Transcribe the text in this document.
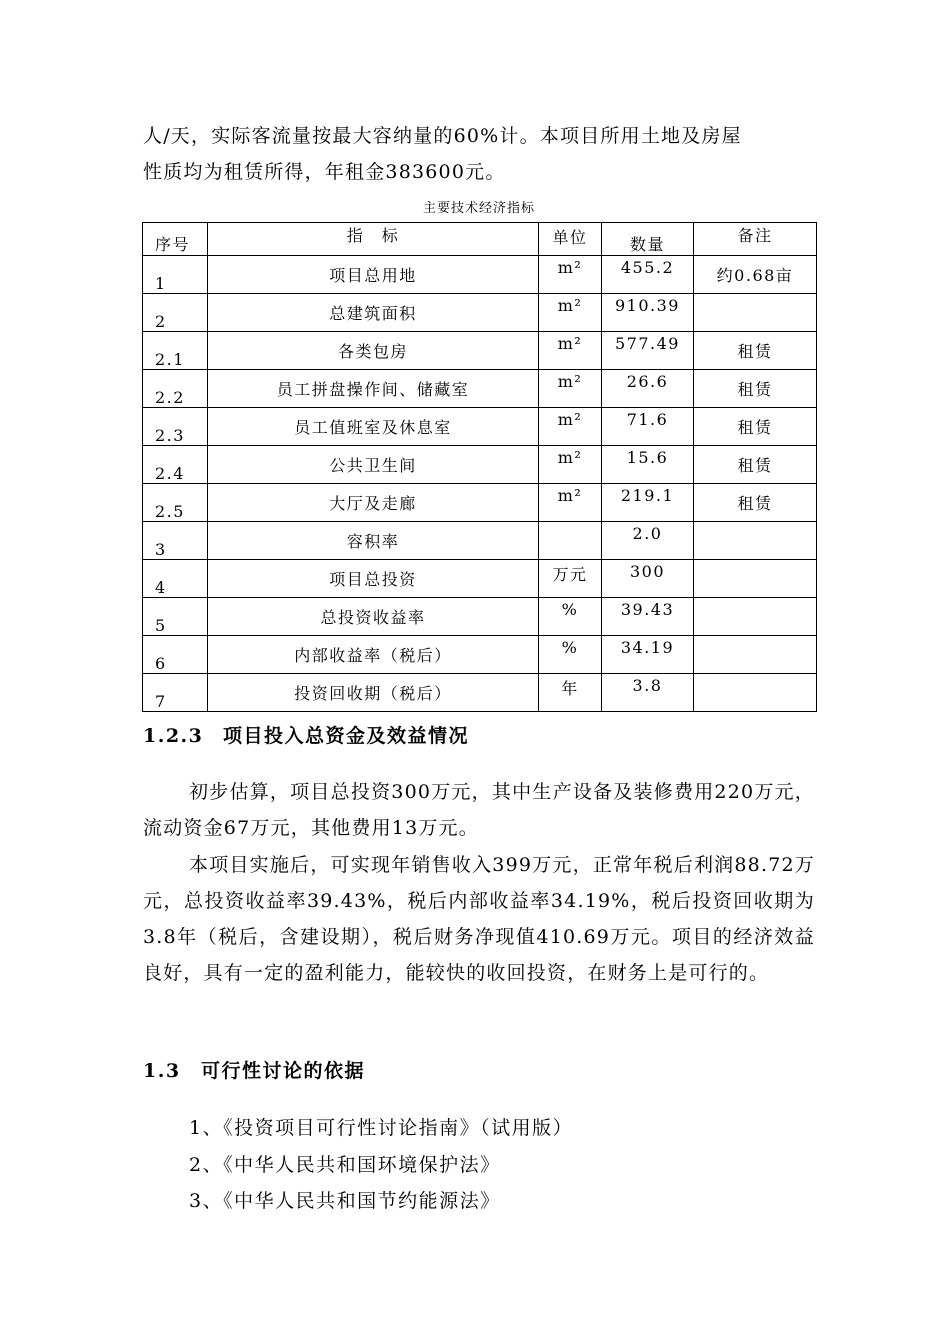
人/天，实际客流量按最大容纳量的60%计。本项目所用土地及房屋

性质均为租赁所得，年租金383600元。

主要技术经济指标
序号	指　标	单位	数量	备注
1	项目总用地	m²	455.2	约0.68亩
2	总建筑面积	m²	910.39	
2.1	各类包房	m²	577.49	租赁
2.2	员工拼盘操作间、储藏室	m²	26.6	租赁
2.3	员工值班室及休息室	m²	71.6	租赁
2.4	公共卫生间	m²	15.6	租赁
2.5	大厅及走廊	m²	219.1	租赁
3	容积率		2.0	
4	项目总投资	万元	300	
5	总投资收益率	%	39.43	
6	内部收益率（税后）	%	34.19	
7	投资回收期（税后）	年	3.8	
1.2.3 项目投入总资金及效益情况

初步估算，项目总投资300万元，其中生产设备及装修费用220万元，流动资金67万元，其他费用13万元。

本项目实施后，可实现年销售收入399万元，正常年税后利润88.72万元，总投资收益率39.43%，税后内部收益率34.19%，税后投资回收期为3.8年（税后，含建设期），税后财务净现值410.69万元。项目的经济效益良好，具有一定的盈利能力，能较快的收回投资，在财务上是可行的。

1.3 可行性讨论的依据

1、《投资项目可行性讨论指南》（试用版）

2、《中华人民共和国环境保护法》

3、《中华人民共和国节约能源法》
